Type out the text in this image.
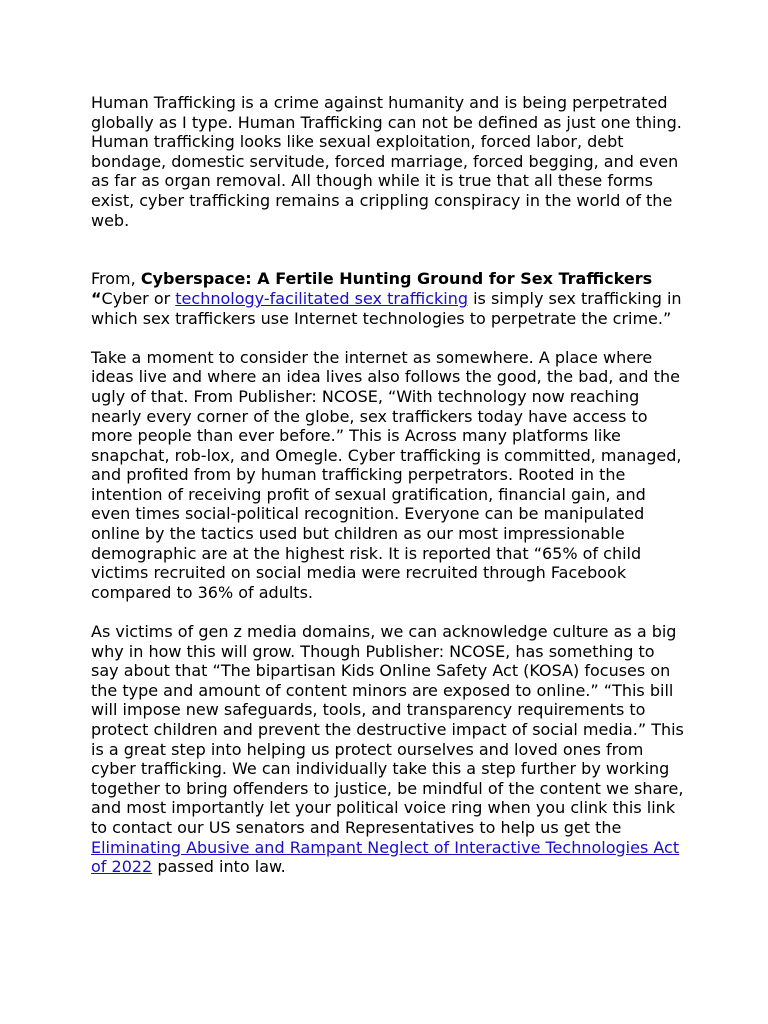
Human Trafficking is a crime against humanity and is being perpetrated globally as I type. Human Trafficking can not be defined as just one thing. Human trafficking looks like sexual exploitation, forced labor, debt bondage, domestic servitude, forced marriage, forced begging, and even as far as organ removal. All though while it is true that all these forms exist, cyber trafficking remains a crippling conspiracy in the world of the web.

From, Cyberspace: A Fertile Hunting Ground for Sex Traffickers
“Cyber or technology-facilitated sex trafficking is simply sex trafficking in which sex traffickers use Internet technologies to perpetrate the crime.”

Take a moment to consider the internet as somewhere. A place where ideas live and where an idea lives also follows the good, the bad, and the ugly of that. From Publisher: NCOSE, “With technology now reaching nearly every corner of the globe, sex traffickers today have access to more people than ever before.” This is Across many platforms like snapchat, rob-lox, and Omegle. Cyber trafficking is committed, managed, and profited from by human trafficking perpetrators. Rooted in the intention of receiving profit of sexual gratification, financial gain, and even times social-political recognition. Everyone can be manipulated online by the tactics used but children as our most impressionable demographic are at the highest risk. It is reported that “65% of child victims recruited on social media were recruited through Facebook compared to 36% of adults.

As victims of gen z media domains, we can acknowledge culture as a big why in how this will grow. Though Publisher: NCOSE, has something to say about that “The bipartisan Kids Online Safety Act (KOSA) focuses on the type and amount of content minors are exposed to online.” “This bill will impose new safeguards, tools, and transparency requirements to protect children and prevent the destructive impact of social media.” This is a great step into helping us protect ourselves and loved ones from cyber trafficking. We can individually take this a step further by working together to bring offenders to justice, be mindful of the content we share, and most importantly let your political voice ring when you clink this link to contact our US senators and Representatives to help us get the Eliminating Abusive and Rampant Neglect of Interactive Technologies Act of 2022 passed into law.
